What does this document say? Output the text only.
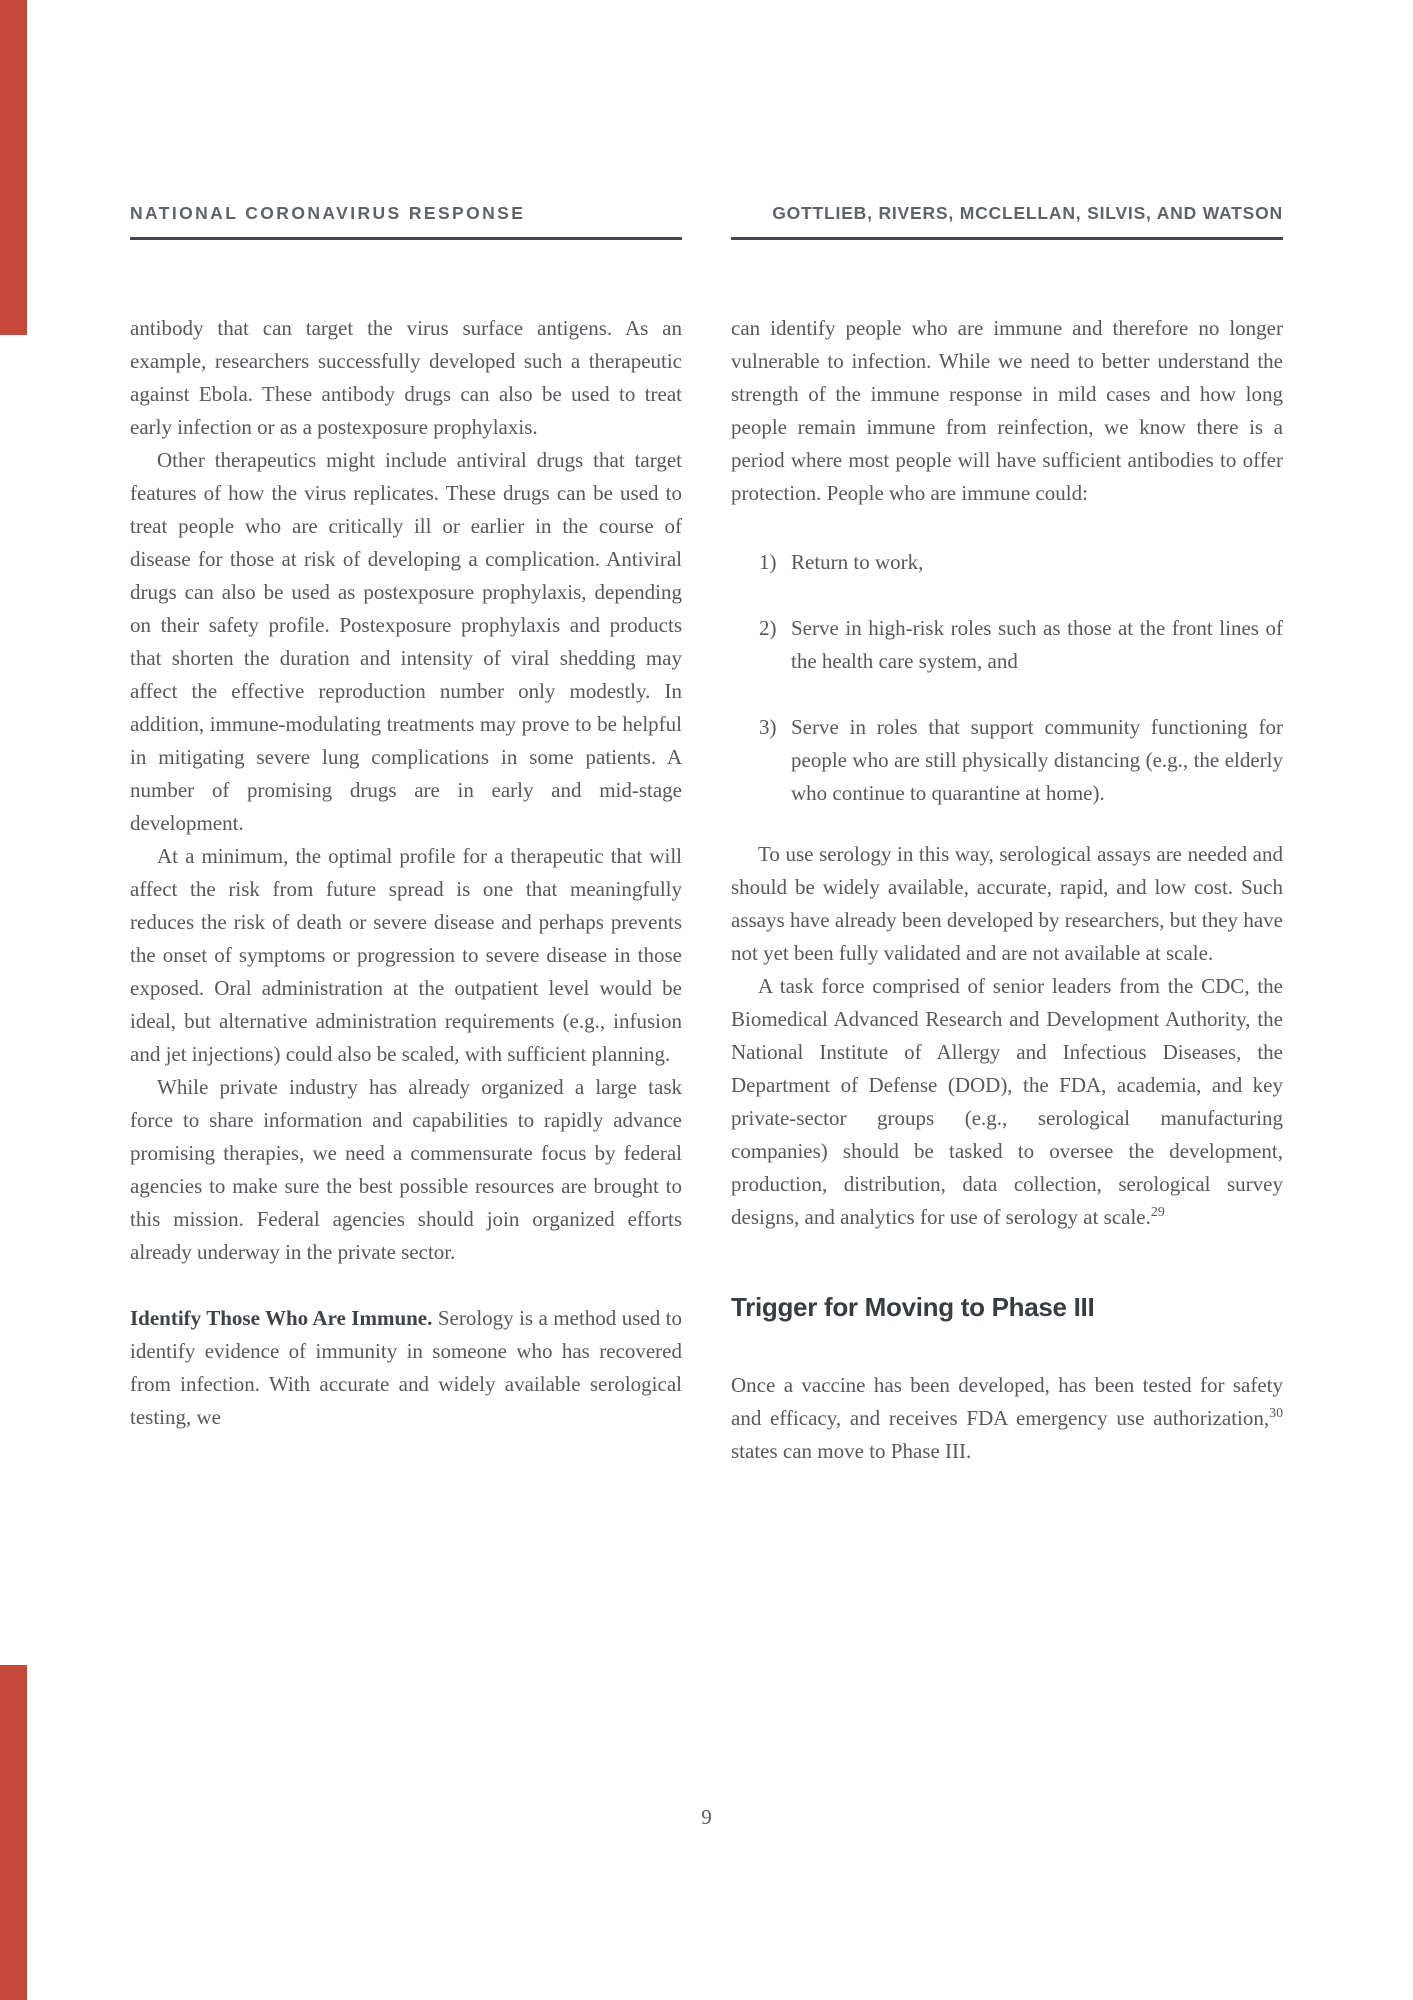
NATIONAL CORONAVIRUS RESPONSE	GOTTLIEB, RIVERS, MCCLELLAN, SILVIS, AND WATSON

antibody that can target the virus surface antigens. As an example, researchers successfully developed such a therapeutic against Ebola. These antibody drugs can also be used to treat early infection or as a postexposure prophylaxis.

Other therapeutics might include antiviral drugs that target features of how the virus replicates. These drugs can be used to treat people who are critically ill or earlier in the course of disease for those at risk of developing a complication. Antiviral drugs can also be used as postexposure prophylaxis, depending on their safety profile. Postexposure prophylaxis and products that shorten the duration and intensity of viral shedding may affect the effective reproduction number only modestly. In addition, immune-modulating treatments may prove to be helpful in mitigating severe lung complications in some patients. A number of promising drugs are in early and mid-stage development.

At a minimum, the optimal profile for a therapeutic that will affect the risk from future spread is one that meaningfully reduces the risk of death or severe disease and perhaps prevents the onset of symptoms or progression to severe disease in those exposed. Oral administration at the outpatient level would be ideal, but alternative administration requirements (e.g., infusion and jet injections) could also be scaled, with sufficient planning.

While private industry has already organized a large task force to share information and capabilities to rapidly advance promising therapies, we need a commensurate focus by federal agencies to make sure the best possible resources are brought to this mission. Federal agencies should join organized efforts already underway in the private sector.

Identify Those Who Are Immune. Serology is a method used to identify evidence of immunity in someone who has recovered from infection. With accurate and widely available serological testing, we

can identify people who are immune and therefore no longer vulnerable to infection. While we need to better understand the strength of the immune response in mild cases and how long people remain immune from reinfection, we know there is a period where most people will have sufficient antibodies to offer protection. People who are immune could:

1) Return to work,
2) Serve in high-risk roles such as those at the front lines of the health care system, and
3) Serve in roles that support community functioning for people who are still physically distancing (e.g., the elderly who continue to quarantine at home).

To use serology in this way, serological assays are needed and should be widely available, accurate, rapid, and low cost. Such assays have already been developed by researchers, but they have not yet been fully validated and are not available at scale.

A task force comprised of senior leaders from the CDC, the Biomedical Advanced Research and Development Authority, the National Institute of Allergy and Infectious Diseases, the Department of Defense (DOD), the FDA, academia, and key private-sector groups (e.g., serological manufacturing companies) should be tasked to oversee the development, production, distribution, data collection, serological survey designs, and analytics for use of serology at scale.$^{29}$

Trigger for Moving to Phase III

Once a vaccine has been developed, has been tested for safety and efficacy, and receives FDA emergency use authorization,$^{30}$ states can move to Phase III.

9
